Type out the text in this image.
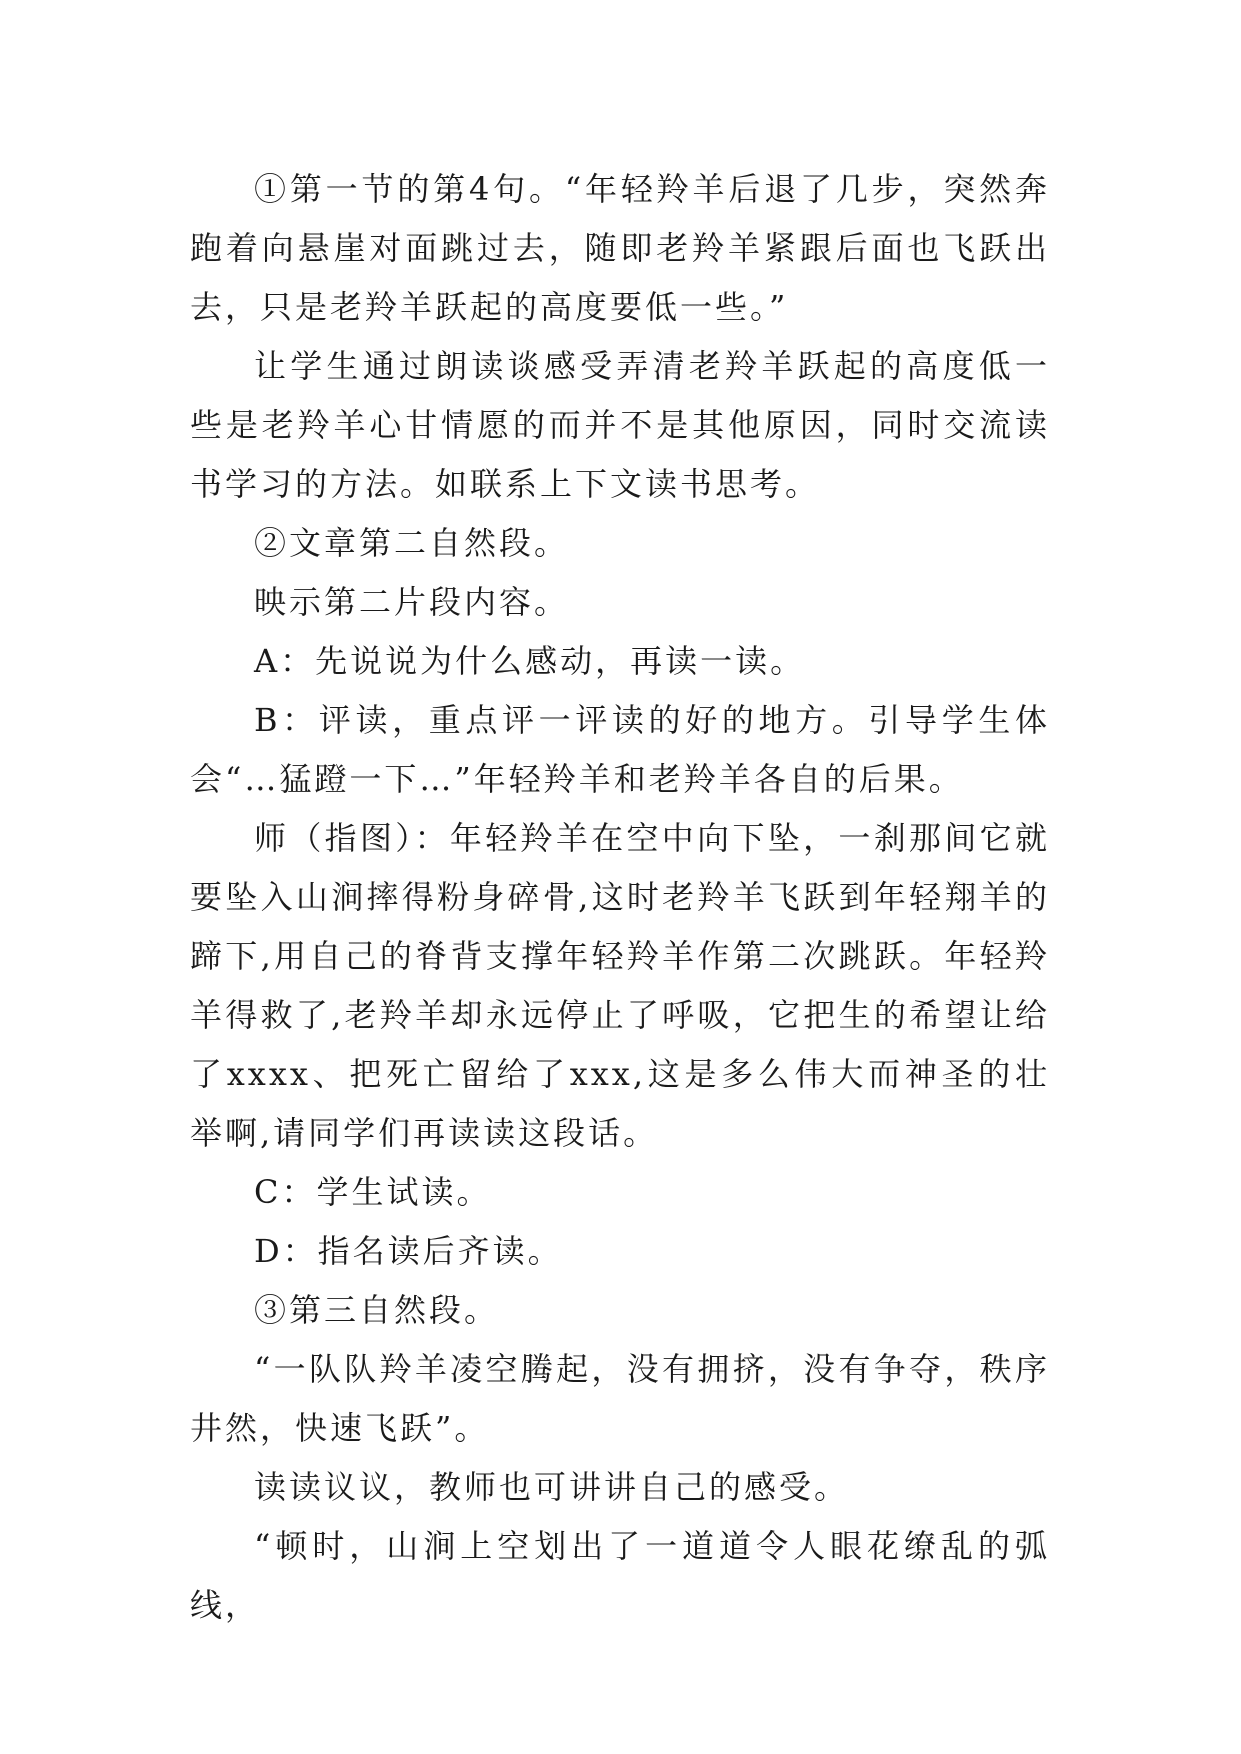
①第一节的第4句。“年轻羚羊后退了几步，突然奔跑着向悬崖对面跳过去，随即老羚羊紧跟后面也飞跃出去，只是老羚羊跃起的高度要低一些。”

让学生通过朗读谈感受弄清老羚羊跃起的高度低一些是老羚羊心甘情愿的而并不是其他原因，同时交流读书学习的方法。如联系上下文读书思考。

②文章第二自然段。

映示第二片段内容。

A：先说说为什么感动，再读一读。

B：评读，重点评一评读的好的地方。引导学生体会“…猛蹬一下…”年轻羚羊和老羚羊各自的后果。

师（指图）：年轻羚羊在空中向下坠，一刹那间它就要坠入山涧摔得粉身碎骨,这时老羚羊飞跃到年轻翔羊的蹄下,用自己的脊背支撑年轻羚羊作第二次跳跃。年轻羚羊得救了,老羚羊却永远停止了呼吸，它把生的希望让给了xxxx、把死亡留给了xxx,这是多么伟大而神圣的壮举啊,请同学们再读读这段话。

C：学生试读。

D：指名读后齐读。

③第三自然段。

“一队队羚羊凌空腾起，没有拥挤，没有争夺，秩序井然，快速飞跃”。

读读议议，教师也可讲讲自己的感受。

“顿时，山涧上空划出了一道道令人眼花缭乱的弧线，
